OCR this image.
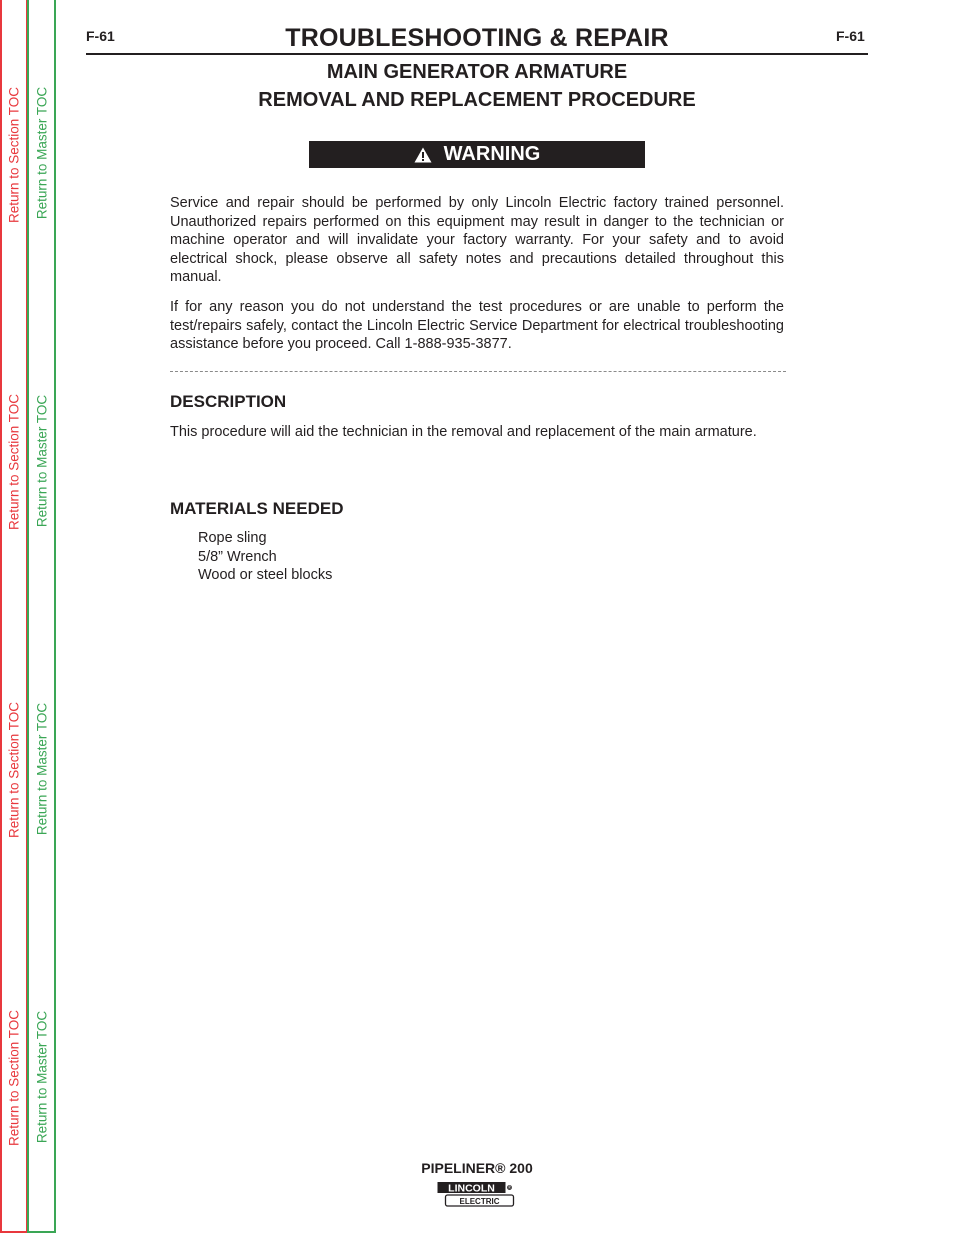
Return to Section TOC
Return to Section TOC
Return to Section TOC
Return to Section TOC
Return to Master TOC
Return to Master TOC
Return to Master TOC
Return to Master TOC
F-61	F-61
TROUBLESHOOTING & REPAIR
MAIN GENERATOR ARMATURE
REMOVAL AND REPLACEMENT PROCEDURE
WARNING

Service and repair should be performed by only Lincoln Electric factory trained personnel. Unauthorized repairs performed on this equipment may result in danger to the technician or machine operator and will invalidate your factory warranty. For your safety and to avoid electrical shock, please observe all safety notes and precautions detailed throughout this manual.

If for any reason you do not understand the test procedures or are unable to perform the test/repairs safely, contact the Lincoln Electric Service Department for electrical troubleshooting assistance before you proceed. Call 1-888-935-3877.

DESCRIPTION

This procedure will aid the technician in the removal and replacement of the main armature.

MATERIALS NEEDED
Rope sling
5/8” Wrench
Wood or steel blocks
PIPELINER® 200
LINCOLN	®
ELECTRIC
